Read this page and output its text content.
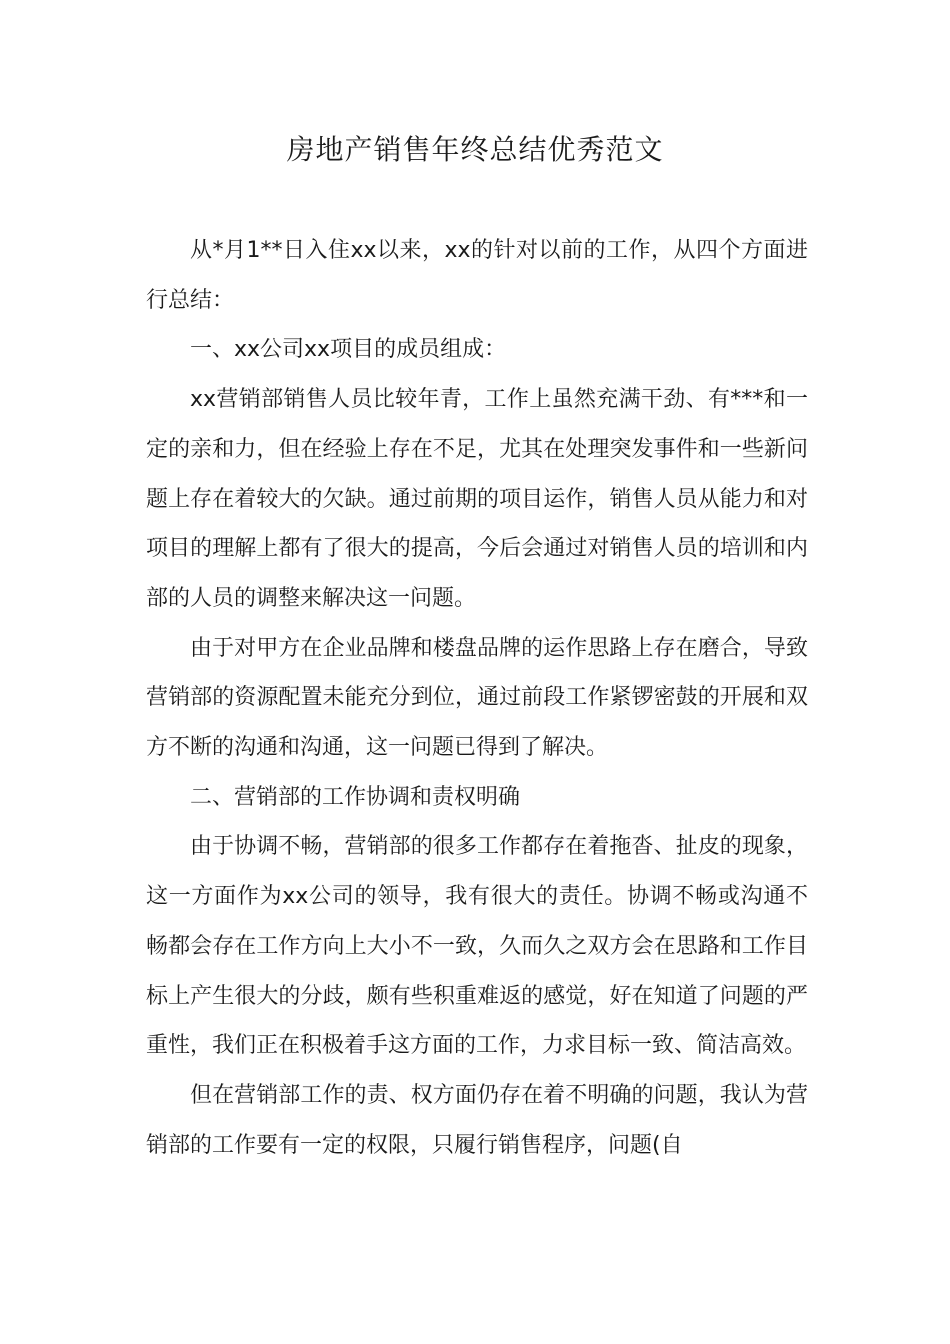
房地产销售年终总结优秀范文

从*月1**日入住xx以来，xx的针对以前的工作，从四个方面进行总结：

一、xx公司xx项目的成员组成：

xx营销部销售人员比较年青，工作上虽然充满干劲、有***和一定的亲和力，但在经验上存在不足，尤其在处理突发事件和一些新问题上存在着较大的欠缺。通过前期的项目运作，销售人员从能力和对项目的理解上都有了很大的提高，今后会通过对销售人员的培训和内部的人员的调整来解决这一问题。

由于对甲方在企业品牌和楼盘品牌的运作思路上存在磨合，导致营销部的资源配置未能充分到位，通过前段工作紧锣密鼓的开展和双方不断的沟通和沟通，这一问题已得到了解决。

二、营销部的工作协调和责权明确

由于协调不畅，营销部的很多工作都存在着拖沓、扯皮的现象，这一方面作为xx公司的领导，我有很大的责任。协调不畅或沟通不畅都会存在工作方向上大小不一致，久而久之双方会在思路和工作目标上产生很大的分歧，颇有些积重难返的感觉，好在知道了问题的严重性，我们正在积极着手这方面的工作，力求目标一致、简洁高效。

但在营销部工作的责、权方面仍存在着不明确的问题，我认为营销部的工作要有一定的权限，只履行销售程序，问题(自
